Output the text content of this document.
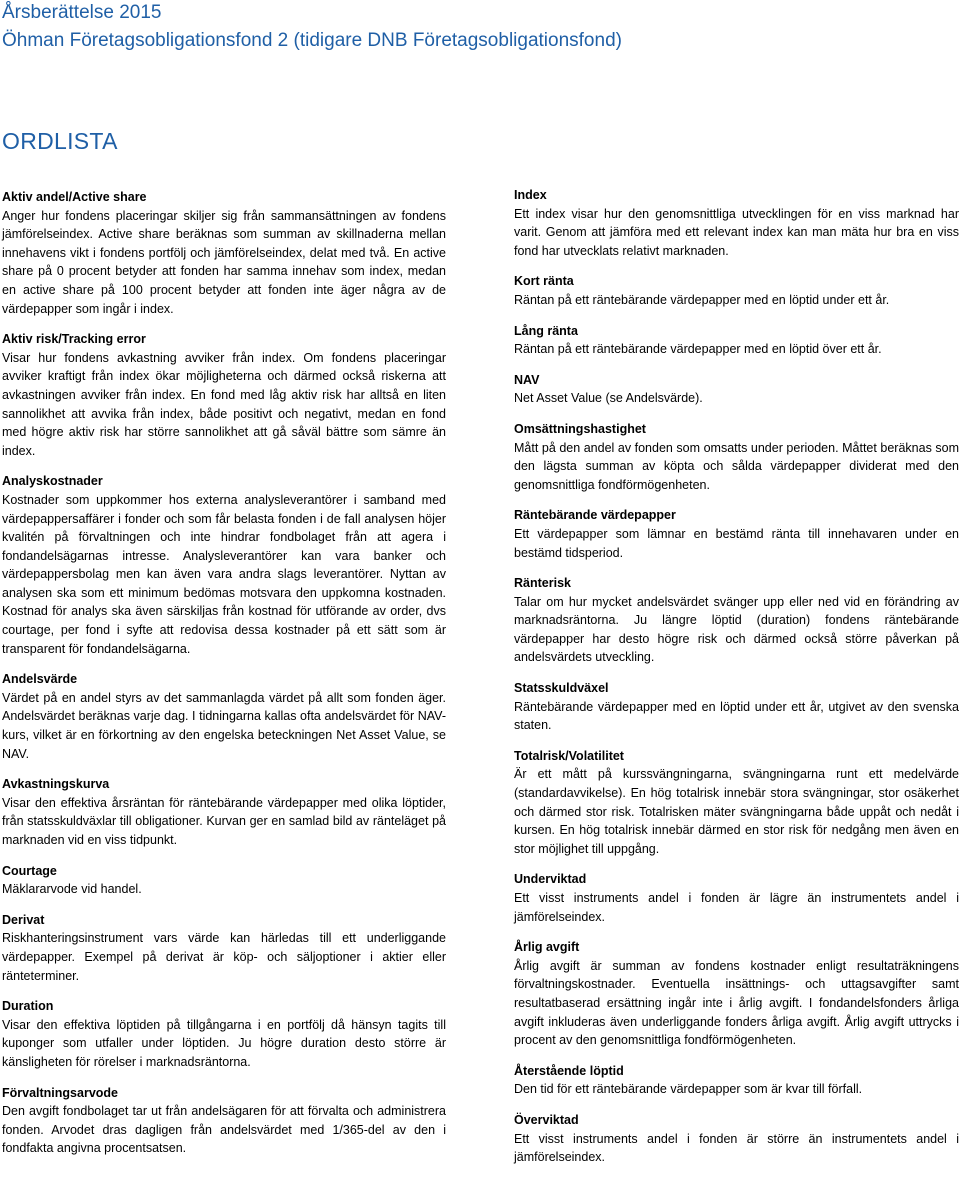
Årsberättelse 2015
Öhman Företagsobligationsfond 2 (tidigare DNB Företagsobligationsfond)
ORDLISTA
Aktiv andel/Active share
Anger hur fondens placeringar skiljer sig från sammansättningen av fondens jämförelseindex. Active share beräknas som summan av skillnaderna mellan innehavens vikt i fondens portfölj och jämförelseindex, delat med två. En active share på 0 procent betyder att fonden har samma innehav som index, medan en active share på 100 procent betyder att fonden inte äger några av de värdepapper som ingår i index.
Aktiv risk/Tracking error
Visar hur fondens avkastning avviker från index. Om fondens placeringar avviker kraftigt från index ökar möjligheterna och därmed också riskerna att avkastningen avviker från index. En fond med låg aktiv risk har alltså en liten sannolikhet att avvika från index, både positivt och negativt, medan en fond med högre aktiv risk har större sannolikhet att gå såväl bättre som sämre än index.
Analyskostnader
Kostnader som uppkommer hos externa analysleverantörer i samband med värdepappersaffärer i fonder och som får belasta fonden i de fall analysen höjer kvalitén på förvaltningen och inte hindrar fondbolaget från att agera i fondandelsägarnas intresse. Analysleverantörer kan vara banker och värdepappersbolag men kan även vara andra slags leverantörer. Nyttan av analysen ska som ett minimum bedömas motsvara den uppkomna kostnaden. Kostnad för analys ska även särskiljas från kostnad för utförande av order, dvs courtage, per fond i syfte att redovisa dessa kostnader på ett sätt som är transparent för fondandelsägarna.
Andelsvärde
Värdet på en andel styrs av det sammanlagda värdet på allt som fonden äger. Andelsvärdet beräknas varje dag. I tidningarna kallas ofta andelsvärdet för NAV-kurs, vilket är en förkortning av den engelska beteckningen Net Asset Value, se NAV.
Avkastningskurva
Visar den effektiva årsräntan för räntebärande värdepapper med olika löptider, från statsskuldväxlar till obligationer. Kurvan ger en samlad bild av ränteläget på marknaden vid en viss tidpunkt.
Courtage
Mäklararvode vid handel.
Derivat
Riskhanteringsinstrument vars värde kan härledas till ett underliggande värdepapper. Exempel på derivat är köp- och säljoptioner i aktier eller ränteterminer.
Duration
Visar den effektiva löptiden på tillgångarna i en portfölj då hänsyn tagits till kuponger som utfaller under löptiden. Ju högre duration desto större är känsligheten för rörelser i marknadsräntorna.
Förvaltningsarvode
Den avgift fondbolaget tar ut från andelsägaren för att förvalta och administrera fonden. Arvodet dras dagligen från andelsvärdet med 1/365-del av den i fondfakta angivna procentsatsen.
Index
Ett index visar hur den genomsnittliga utvecklingen för en viss marknad har varit. Genom att jämföra med ett relevant index kan man mäta hur bra en viss fond har utvecklats relativt marknaden.
Kort ränta
Räntan på ett räntebärande värdepapper med en löptid under ett år.
Lång ränta
Räntan på ett räntebärande värdepapper med en löptid över ett år.
NAV
Net Asset Value (se Andelsvärde).
Omsättningshastighet
Mått på den andel av fonden som omsatts under perioden. Måttet beräknas som den lägsta summan av köpta och sålda värdepapper dividerat med den genomsnittliga fondförmögenheten.
Räntebärande värdepapper
Ett värdepapper som lämnar en bestämd ränta till innehavaren under en bestämd tidsperiod.
Ränterisk
Talar om hur mycket andelsvärdet svänger upp eller ned vid en förändring av marknadsräntorna. Ju längre löptid (duration) fondens räntebärande värdepapper har desto högre risk och därmed också större påverkan på andelsvärdets utveckling.
Statsskuldväxel
Räntebärande värdepapper med en löptid under ett år, utgivet av den svenska staten.
Totalrisk/Volatilitet
Är ett mått på kurssvängningarna, svängningarna runt ett medelvärde (standardavvikelse). En hög totalrisk innebär stora svängningar, stor osäkerhet och därmed stor risk. Totalrisken mäter svängningarna både uppåt och nedåt i kursen. En hög totalrisk innebär därmed en stor risk för nedgång men även en stor möjlighet till uppgång.
Underviktad
Ett visst instruments andel i fonden är lägre än instrumentets andel i jämförelseindex.
Årlig avgift
Årlig avgift är summan av fondens kostnader enligt resultaträkningens förvaltningskostnader. Eventuella insättnings- och uttagsavgifter samt resultatbaserad ersättning ingår inte i årlig avgift. I fondandelsfonders årliga avgift inkluderas även underliggande fonders årliga avgift. Årlig avgift uttrycks i procent av den genomsnittliga fondförmögenheten.
Återstående löptid
Den tid för ett räntebärande värdepapper som är kvar till förfall.
Överviktad
Ett visst instruments andel i fonden är större än instrumentets andel i jämförelseindex.
